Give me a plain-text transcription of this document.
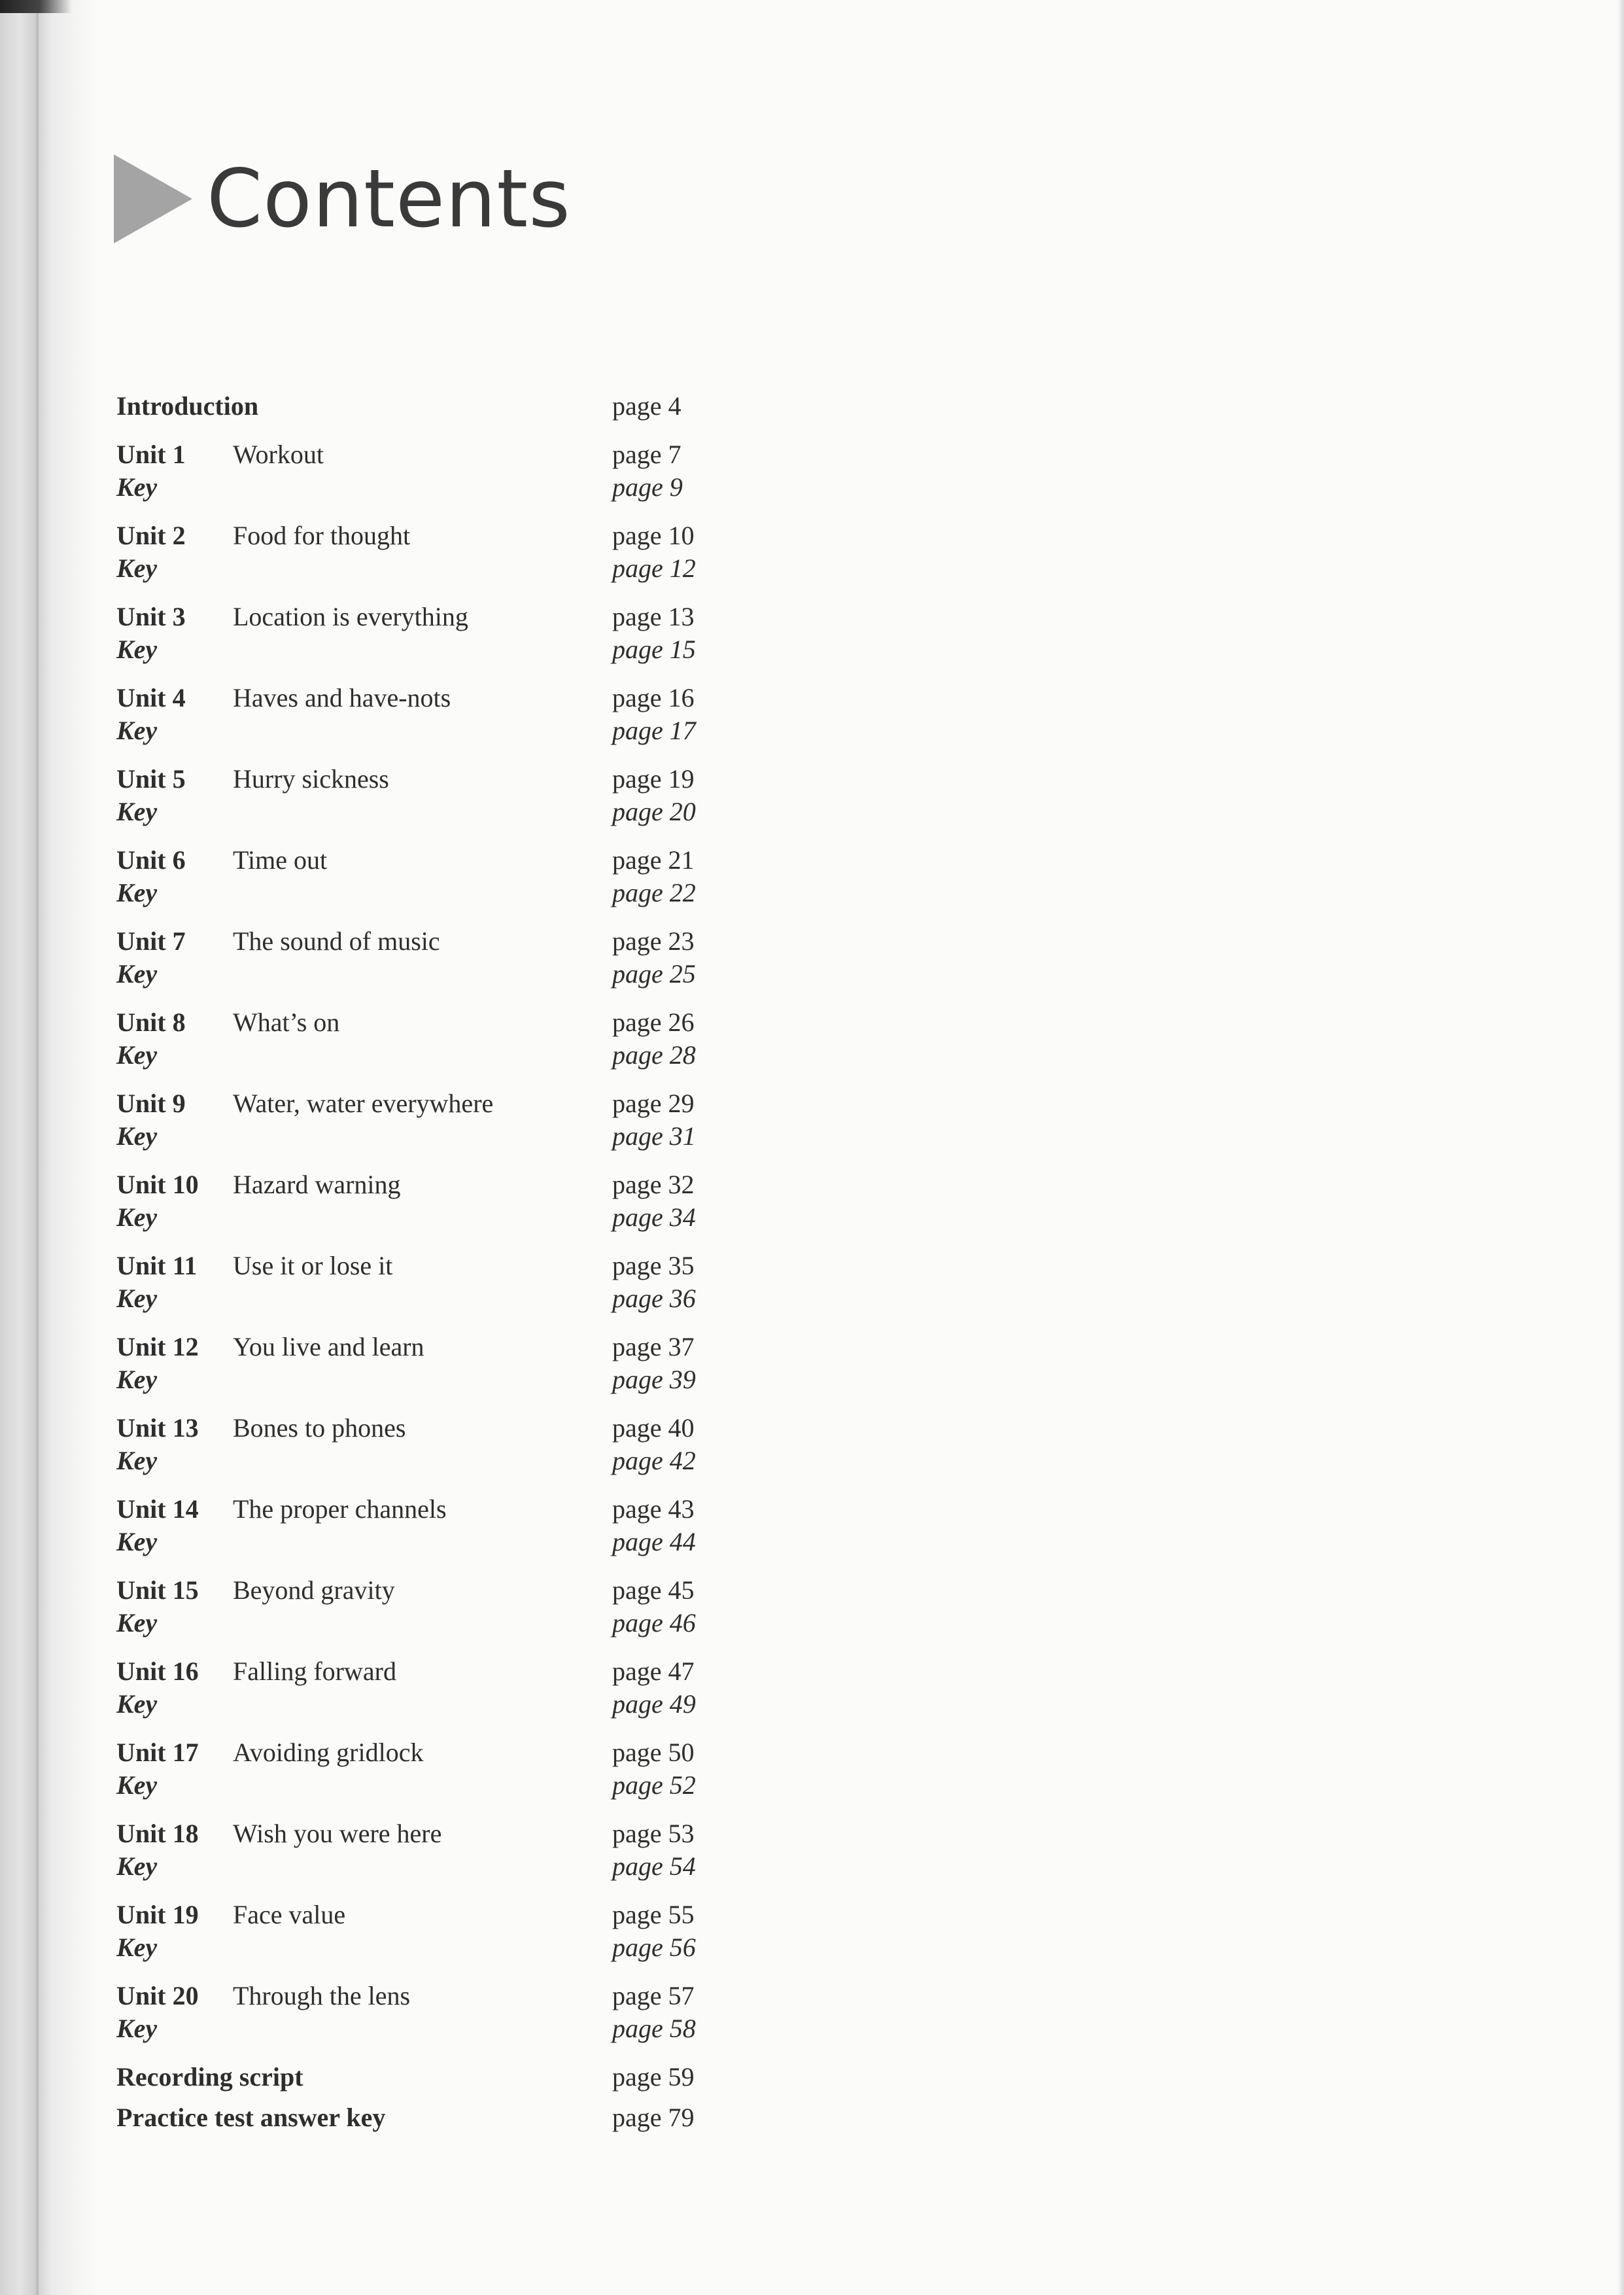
Contents
Introduction	page 4
Unit 1 Workout	page 7
Key	page 9
Unit 2 Food for thought	page 10
Key	page 12
Unit 3 Location is everything	page 13
Key	page 15
Unit 4 Haves and have-nots	page 16
Key	page 17
Unit 5 Hurry sickness	page 19
Key	page 20
Unit 6 Time out	page 21
Key	page 22
Unit 7 The sound of music	page 23
Key	page 25
Unit 8 What’s on	page 26
Key	page 28
Unit 9 Water, water everywhere	page 29
Key	page 31
Unit 10 Hazard warning	page 32
Key	page 34
Unit 11 Use it or lose it	page 35
Key	page 36
Unit 12 You live and learn	page 37
Key	page 39
Unit 13 Bones to phones	page 40
Key	page 42
Unit 14 The proper channels	page 43
Key	page 44
Unit 15 Beyond gravity	page 45
Key	page 46
Unit 16 Falling forward	page 47
Key	page 49
Unit 17 Avoiding gridlock	page 50
Key	page 52
Unit 18 Wish you were here	page 53
Key	page 54
Unit 19 Face value	page 55
Key	page 56
Unit 20 Through the lens	page 57
Key	page 58
Recording script	page 59
Practice test answer key	page 79
